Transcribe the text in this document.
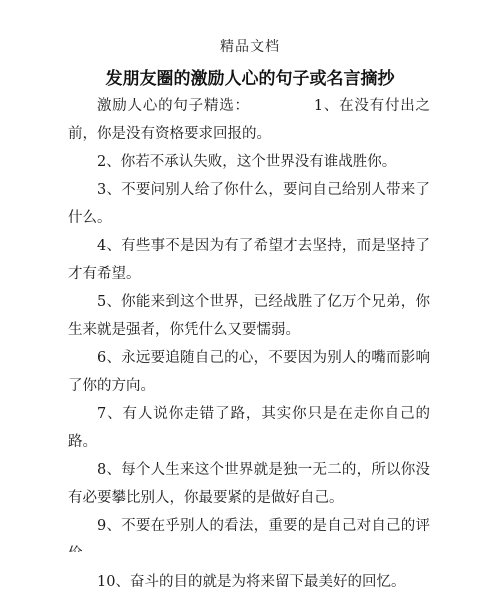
精品文档
发朋友圈的激励人心的句子或名言摘抄

激励人心的句子精选：	1、在没有付出之前，你是没有资格要求回报的。

2、你若不承认失败，这个世界没有谁战胜你。

3、不要问别人给了你什么，要问自己给别人带来了什么。

4、有些事不是因为有了希望才去坚持，而是坚持了才有希望。

5、你能来到这个世界，已经战胜了亿万个兄弟，你生来就是强者，你凭什么又要懦弱。

6、永远要追随自己的心，不要因为别人的嘴而影响了你的方向。

7、有人说你走错了路，其实你只是在走你自己的路。

8、每个人生来这个世界就是独一无二的，所以你没有必要攀比别人，你最要紧的是做好自己。

9、不要在乎别人的看法，重要的是自己对自己的评

10、奋斗的目的就是为将来留下最美好的回忆。
